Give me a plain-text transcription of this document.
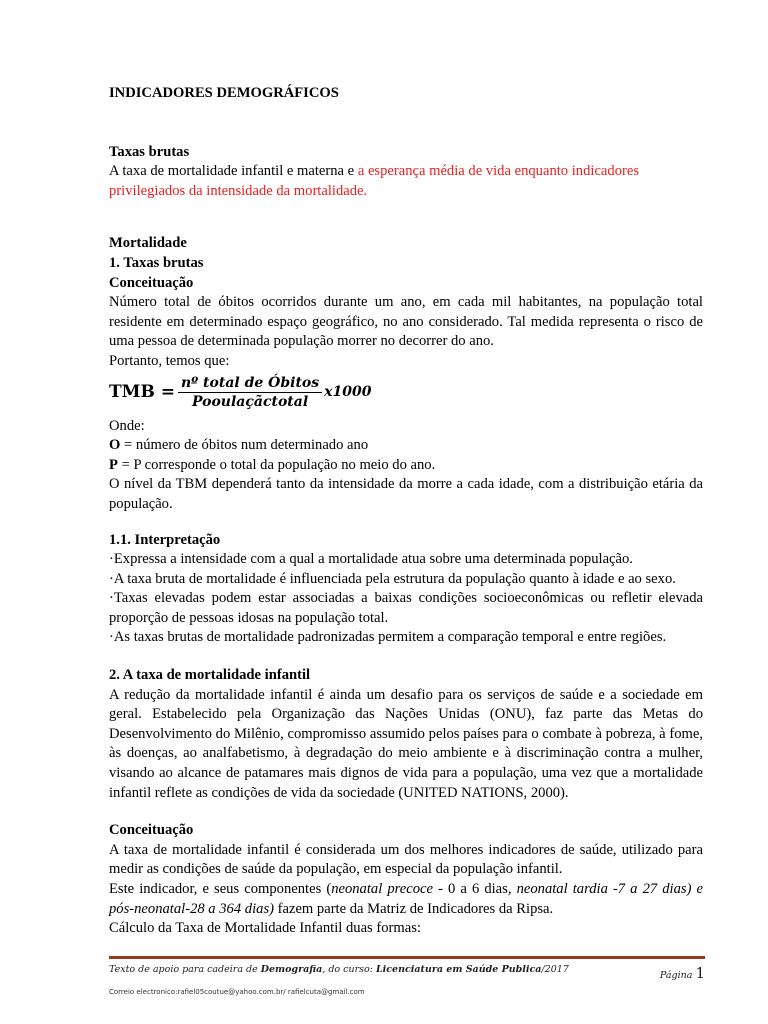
INDICADORES DEMOGRÁFICOS

Taxas brutas

A taxa de mortalidade infantil e materna e a esperança média de vida enquanto indicadores privilegiados da intensidade da mortalidade.

Mortalidade

1. Taxas brutas

Conceituação

Número total de óbitos ocorridos durante um ano, em cada mil habitantes, na população total residente em determinado espaço geográfico, no ano considerado. Tal medida representa o risco de uma pessoa de determinada população morrer no decorrer do ano.

Portanto, temos que:

TMB = $\frac{\text{nº total de Óbitos}}{\text{Pooulaçãctotal}} x1000$

Onde:

O = número de óbitos num determinado ano

P = P corresponde o total da população no meio do ano.

O nível da TBM dependerá tanto da intensidade da morre a cada idade, com a distribuição etária da população.

1.1. Interpretação

·Expressa a intensidade com a qual a mortalidade atua sobre uma determinada população.

·A taxa bruta de mortalidade é influenciada pela estrutura da população quanto à idade e ao sexo.

·Taxas elevadas podem estar associadas a baixas condições socioeconômicas ou refletir elevada proporção de pessoas idosas na população total.

·As taxas brutas de mortalidade padronizadas permitem a comparação temporal e entre regiões.

2. A taxa de mortalidade infantil

A redução da mortalidade infantil é ainda um desafio para os serviços de saúde e a sociedade em geral. Estabelecido pela Organização das Nações Unidas (ONU), faz parte das Metas do Desenvolvimento do Milênio, compromisso assumido pelos países para o combate à pobreza, à fome, às doenças, ao analfabetismo, à degradação do meio ambiente e à discriminação contra a mulher, visando ao alcance de patamares mais dignos de vida para a população, uma vez que a mortalidade infantil reflete as condições de vida da sociedade (UNITED NATIONS, 2000).

Conceituação

A taxa de mortalidade infantil é considerada um dos melhores indicadores de saúde, utilizado para medir as condições de saúde da população, em especial da população infantil.

Este indicador, e seus componentes (neonatal precoce - 0 a 6 dias, neonatal tardia -7 a 27 dias) e pós-neonatal-28 a 364 dias) fazem parte da Matriz de Indicadores da Ripsa.

Cálculo da Taxa de Mortalidade Infantil duas formas:

Texto de apoio para cadeira de Demografia, do curso: Licenciatura em Saúde Publica/2017
Página 1
Correio electronico:rafiel05coutue@yahoo.com.br/ rafielcuta@gmail.com
